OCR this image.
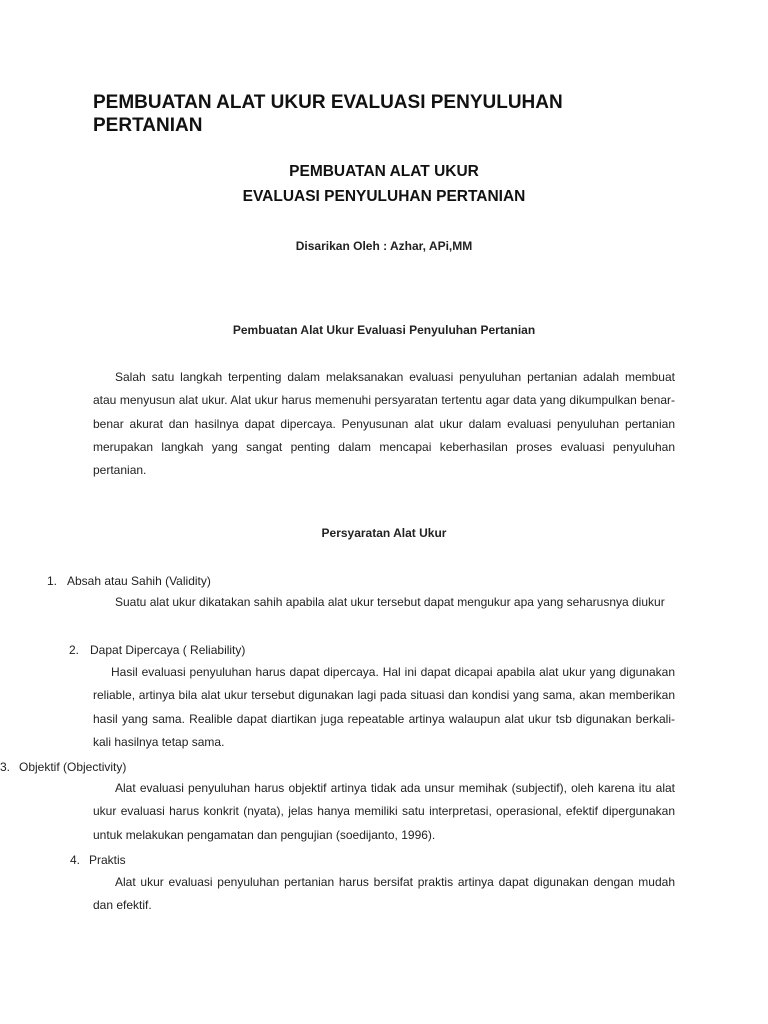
PEMBUATAN ALAT UKUR EVALUASI PENYULUHAN
PERTANIAN
PEMBUATAN ALAT UKUR
EVALUASI PENYULUHAN PERTANIAN
Disarikan Oleh : Azhar, APi,MM
Pembuatan Alat Ukur Evaluasi Penyuluhan Pertanian

Salah satu langkah terpenting dalam melaksanakan evaluasi penyuluhan pertanian adalah membuat atau menyusun alat ukur. Alat ukur harus memenuhi persyaratan tertentu agar data yang dikumpulkan benar-benar akurat dan hasilnya dapat dipercaya. Penyusunan alat ukur dalam evaluasi penyuluhan pertanian merupakan langkah yang sangat penting dalam mencapai keberhasilan proses evaluasi penyuluhan pertanian.

Persyaratan Alat Ukur
1. Absah atau Sahih (Validity)

Suatu alat ukur dikatakan sahih apabila alat ukur tersebut dapat mengukur apa yang seharusnya diukur

2. Dapat Dipercaya ( Reliability)

Hasil evaluasi penyuluhan harus dapat dipercaya. Hal ini dapat dicapai apabila alat ukur yang digunakan reliable, artinya bila alat ukur tersebut digunakan lagi pada situasi dan kondisi yang sama, akan memberikan hasil yang sama. Realible dapat diartikan juga repeatable artinya walaupun alat ukur tsb digunakan berkali-kali hasilnya tetap sama.

3. Objektif (Objectivity)

Alat evaluasi penyuluhan harus objektif artinya tidak ada unsur memihak (subjectif), oleh karena itu alat ukur evaluasi harus konkrit (nyata), jelas hanya memiliki satu interpretasi, operasional, efektif dipergunakan untuk melakukan pengamatan dan pengujian (soedijanto, 1996).

4. Praktis

Alat ukur evaluasi penyuluhan pertanian harus bersifat praktis artinya dapat digunakan dengan mudah dan efektif.
